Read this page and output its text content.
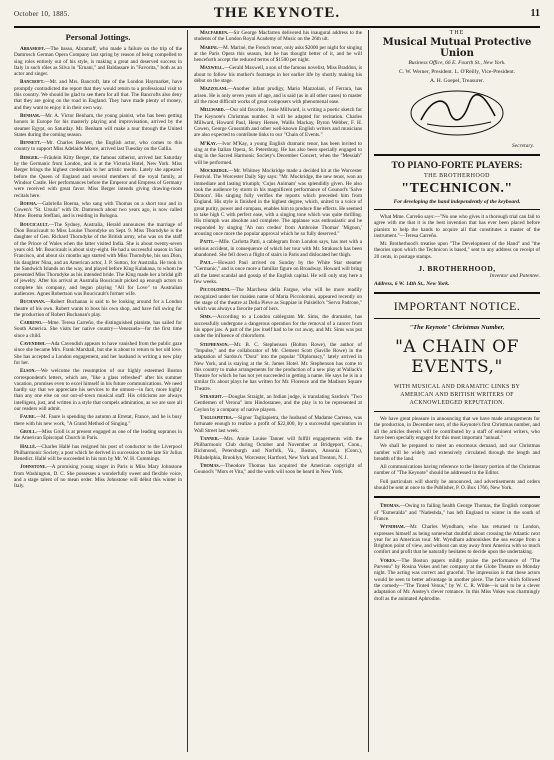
October 10, 1885.	THE KEYNOTE.	11
Personal Jottings.

Abramoff.—The basso, Abramoff, who made a failure on the trip of the Damrosch German Opera Company last spring by reason of being compelled to sing roles entirely out of his style, is making a great and deserved success in Italy in such rôles as Silva in "Ernani," and Baldassare in "Favorita," both as an actor and singer.

Bancroft.—Mr. and Mrs. Bancroft, late of the London Haymarket, have promptly contradicted the report that they would return to a professional visit to this country. We should be glad to see them for all that. The Bancrofts also deny that they are going on the road in England. They have made plenty of money, and they want to enjoy it in their own way.

Benham.—Mr. A. Victor Benham, the young pianist, who has been getting honors in Europe for his masterly playing and improvisation, arrived by the steamer Egypt, on Saturday. Mr. Benham will make a tour through the United States during the coming season.

Bennett.—Mr. Charles Bennett, the English actor, who comes to this country to support Miss Adelaide Moore, arrived last Tuesday on the Gallia.

Berger.—Fräulein Kitty Berger, the famous zitherist, arrived last Saturday by the Germanic from London, and is at the Victoria Hotel, New York. Miss Berger brings the highest credentials to her artistic merits. Lately she appeared before the Queen of England and several members of the royal family, at Windsor Castle. Her performances before the Emperor and Empress of Germany were received with great favor. Miss Berger intends giving drawing-room recitals here.

Boema.—Gabriella Boema, who sang with Thomas on a short tour and in Cowen's "St. Ursula" with Dr. Damrosch about two years ago, is now called Mme. Boema Steffani, and is residing in Bologna.

Boucicault.—The Sydney, Australia, Herald announces the marriage of Dion Boucicault to Miss Louise Thorndyke on Sept. 9. Miss Thorndyke is the daughter of Gen. Richard Thorndyke of the British army, who was on the staff of the Prince of Wales when the latter visited India. She is about twenty-seven years old. Mr. Boucicault is about sixty-eight. He had a successful season in San Francisco, and about six months ago started with Miss Thorndyke, his son Dion, his daughter Nina, and an American actor, J. P. Sutton, for Australia. He took in the Sandwich Islands on the way, and played before King Kalakaua, to whom he presented Miss Thorndyke as his intended bride. The King made her a bridal gift of jewelry. After his arrival at Australia Boucicault picked up enough actors to complete his company, and began playing "All for Love" to Australian audiences. Agnes Robertson was Boucicault's former wife.

Buchanan.—Robert Buchanan is said to be looking around for a London theatre of his own. Robert wants to boss his own shop, and have full swing for the production of Robert Buchanan's play.

Carreno.—Mme. Teresa Carreño, the distinguished pianiste, has sailed for South America. She visits her native country—Venezuela—for the first time since a child.

Cavendish.—Ada Cavendish appears to have vanished from the public gaze since she became Mrs. Frank Marshall, but she is about to return to her old love. She has accepted a London engagement, and her husband is writing a new play for her.

Elson.—We welcome the resumption of our highly esteemed Boston correspondent's letters, which are, "like a glass refreshed" after his summer vacation, promises even to excel himself in his future communications. We need hardly say that we appreciate his services to the utmost—in fact, more highly than any one else on our out-of-town musical staff. His criticisms are always intelligent, just, and written in a style that compels admiration, as we are sure all our readers will admit.

Faure.—M. Faure is spending the autumn at Etretat, France, and he is busy there with his new work, "A Grand Method of Singing."

Groll.—Miss Groll is at present engaged as one of the leading sopranos in the American Episcopal Church in Paris.

Hallé.—Charles Hallé has resigned his post of conductor to the Liverpool Philharmonic Society, a post which he derived in succession to the late Sir Julius Benedict. Hallé will be succeeded in his turn by Mr. W. H. Cummings.

Johnstone.—A promising young singer in Paris is Miss Mary Johnstone from Washington, D. C. She possesses a wonderfully sweet and flexible voice, and a stage talent of no mean order. Miss Johnstone will début this winter in Italy.

Macfarren.—Sir George Macfarren delivered his inaugural address to the students of the London Royal Academy of Music on the 26th ult.

Marini.—M. Mariné, the French tenor, only asks $2000 per night for singing at the Paris Opera this season, but he has thought better of it, and he will henceforth accept the reduced terms of $1500 per night.

Maxwell.—Gerald Maxwell, a son of the famous novelist, Miss Braddon, is about to follow his mother's footsteps in her earlier life by shortly making his début on the stage.

Mazzolani.—Another infant prodigy, Mario Mazzolani, of Ferrara, has arisen. He is only seven years of age, and is said (as in all other cases) to master all the most difficult works of great composers with phenomenal ease.

Millward.—Our old favorite, Jessie Millward, is writing a poetic sketch for The Keynote's Christmas number. It will be adapted for recitation. Charles Millward, Howard Paul, Henry Hersee, Wallis Mackay, Byron Webber, F. H. Cowen, George Grossmith and other well-known English writers and musicians are also expected to contribute links to our "Chain of Events."

M'Kay.—Ivor M'Kay, a young English dramatic tenor, has been invited to sing at the Italian Opera, St. Petersburg. He has also been specially engaged to sing in the Sacred Harmonic Society's December Concert, when the "Messiah" will be performed.

Mockridge.—Mr. Whitney Mockridge made a decided hit at the Worcester Festival. The Worcester Daily Spy says: "Mr. Mockridge, the new tenor, won an immediate and lasting triumph; 'Cujus Animam' was splendidly given. He also took the audience by storm in his magnificent performance of Gounod's 'Salve Dimora'. His singing fully verifies the reports which preceded him from England. His style is finished in the highest degree, which, united to a voice of great purity, power and compass, enables him to produce fine effects. He seemed to take high C with perfect ease, with a singing tone which was quite thrilling. His triumph was absolute and complete. The applause was enthusiastic and he responded by singing 'Ah non credea' from Ambroise Thomas' 'Mignon,' arousing once more the popular approval which he so fully deserved."

Patti.—Mlle. Carlotta Patti, a cablegram from London says, has met with a serious accident, in consequence of which her tour with Mr. Strakosch has been abandoned. She fell down a flight of stairs in Paris and dislocated her thigh.

Paul.—Howard Paul arrived on Sunday by the White Star steamer "Germanic," and is once more a familiar figure on Broadway. Howard will bring all the latest scandal and gossip of the English capital. He will only stay here a few weeks.

Piccolomini.—The Marchesa della Fargue, who will be more readily recognized under her maiden name of Maria Piccolomini, appeared recently on the stage of the theatre at Della Pieve as Suppiae in Paisiello's "Serva Padrone," which was always a favorite part of hers.

Sims.—According to a London cablegram Mr. Sims, the dramatist, has successfully undergone a dangerous operation for the removal of a cancer from his upper jaw. A part of the jaw itself had to be cut away, and Mr. Sims was put under the influence of chloroform.

Stephenson.—Mr. B. C. Stephenson (Bolton Rowe), the author of "Impulse," and the collaborator of Mr. Clement Scott (Saville Rowe) in the adaptation of Sardou's "Dora" into the popular "Diplomacy," lately arrived in New York, and is staying at the St. James Hotel. Mr. Stephenson has come to this country to make arrangements for the production of a new play at Wallack's Theatre for which he has not yet succeeded in getting a name. He says he is in a similar fix about plays he has written for Mr. Florence and the Madison Square Theatre.

Straight.—Douglas Straight, an Indian judge, is translating Sardou's "Two Gentlemen of Verona" into Hindostanee, and the play is to be represented at Ceylon by a company of native players.

Tagliapietra.—Signor Tagliapietra, the husband of Madame Carreno, was fortunate enough to realize a profit of $22,000, by a successful speculation in Wall Street last week.

Tanner.—Mrs. Annie Louise Tanner will fulfill engagements with the Philharmonic Club during October and November at Bridgeport, Conn., Richmond, Petersburgh and Norfolk, Va., Boston, Ansonia (Conn.), Philadelphia, Brooklyn, Worcester, Hartford, New York and Trenton, N. J.

Thomas.—Theodore Thomas has acquired the American copyright of Gounod's "Mors et Vita," and the work will soon be heard in New York.

THE
Musical Mutual Protective Union
Business Office, 66 E. Fourth St., New York.
C. W. Werner, President. L. O'Reilly, Vice-President.
A. H. Goepel, Treasurer.
Secretary.
TO PIANO-FORTE PLAYERS:
THE BROTHERHOOD
"TECHNICON."
For developing the hand independently of the keyboard.

What Mme. Carreño says:—"No one who gives it a thorough trial can fail to agree with me that it is the best invention that has ever been placed before pianists to help the hands to acquire all that constitutes a master of the instrument."—Teresa Carreño.

Mr. Brotherhood's treatise upon "The Development of the Hand" and "the theories upon which the Technicon is based," sent to any address on receipt of 20 cents, in postage stamps.

J. BROTHERHOOD,
Inventor and Patentee.
Address, 6 W. 14th St., New York.
IMPORTANT NOTICE.
"The Keynote" Christmas Number,
"A CHAIN OF EVENTS,"
WITH MUSICAL AND DRAMATIC LINKS BY
AMERICAN AND BRITISH WRITERS OF
ACKNOWLEDGED REPUTATION.

We have great pleasure in announcing that we have made arrangements for the production, in December next, of the Keynote's first Christmas number, and all the articles therein will be contributed by a staff of eminent writers, who have been specially engaged for this most important "annual."

We shall be prepared to meet an enormous demand, and our Christmas number will be widely and extensively circulated through the length and breadth of the land.

All communications having reference to the literary portion of the Christmas number of "The Keynote" should be addressed to the Editor.

Full particulars will shortly be announced, and advertisements and orders should be sent at once to the Publisher, P. O. Box 1766, New York.

Thomas.—Owing to failing health George Thomas, the English composer of "Esmeralda" and "Nadeshda," has left England to winter in the south of France.

Wyndham.—Mr. Charles Wyndham, who has returned to London, expresses himself as being somewhat doubtful about crossing the Atlantic next year for an American tour. Mr. Wyndham admonishes the sea escape from a Brighton point of view, and without can stay away from America with so much comfort and profit that he naturally hesitates to decide upon the undertaking.

Vokes.—The Boston papers mildly praise the performance of "The Parvenu" by Rosina Vokes and her company at the Globe Theatre on Monday night. The acting was correct and graceful. The impression is that these actors would be seen to better advantage in another piece. The farce which followed the comedy—"The Tinted Venus," by W. C. R. Wilde—is said to be a clever adaptation of Mr. Anstey's clever romance. In this Miss Vokes was charmingly droll as the animated Aphrodite.
